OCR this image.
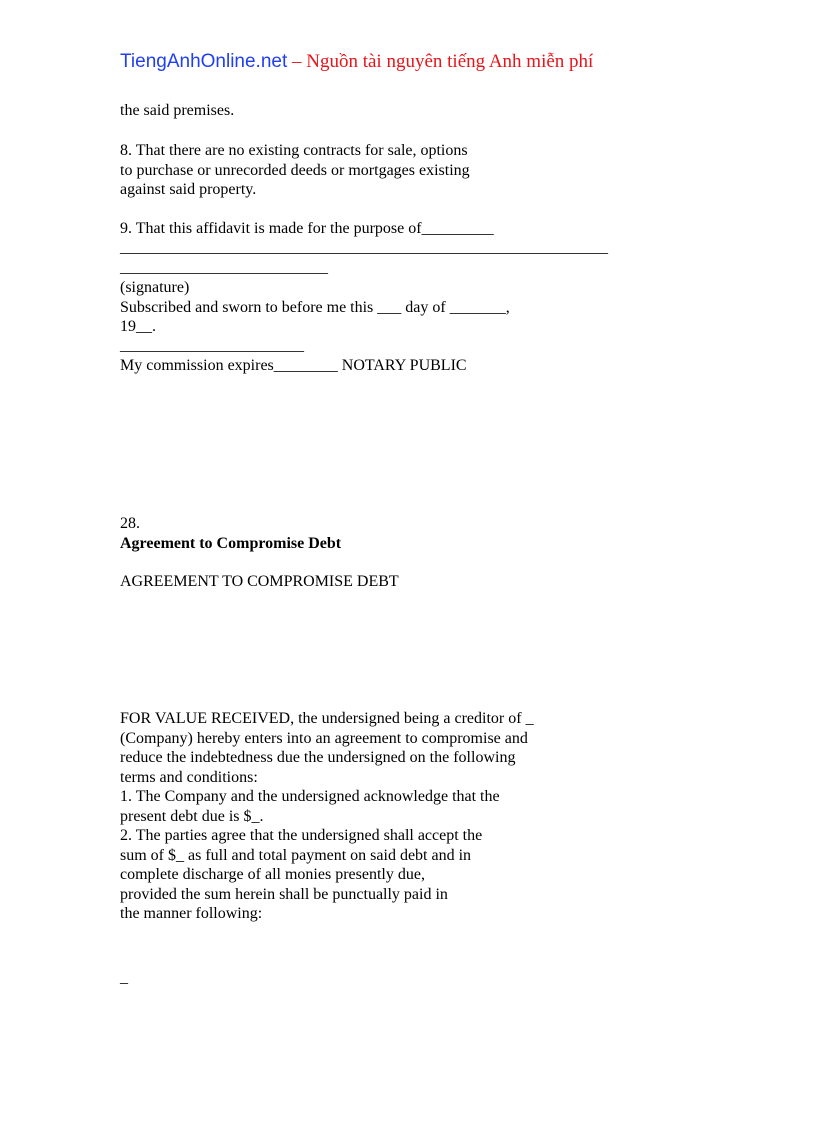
TiengAnhOnline.net – Nguồn tài nguyên tiếng Anh miễn phí
the said premises.
8. That there are no existing contracts for sale, options
to purchase or unrecorded deeds or mortgages existing
against said property.
9. That this affidavit is made for the purpose of_________
_____________________________________________________________
__________________________
(signature)
Subscribed and sworn to before me this ___ day of _______,
19__.
_______________________
My commission expires________ NOTARY PUBLIC
28.
Agreement to Compromise Debt
AGREEMENT TO COMPROMISE DEBT
FOR VALUE RECEIVED, the undersigned being a creditor of _
(Company) hereby enters into an agreement to compromise and
reduce the indebtedness due the undersigned on the following
terms and conditions:
1. The Company and the undersigned acknowledge that the
present debt due is $_.
2. The parties agree that the undersigned shall accept the
sum of $_ as full and total payment on said debt and in
complete discharge of all monies presently due,
provided the sum herein shall be punctually paid in
the manner following:
_
